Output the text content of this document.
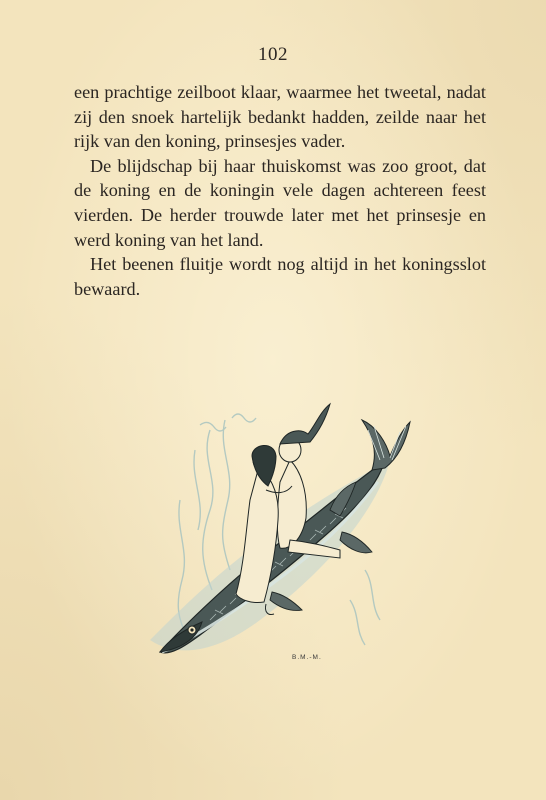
102

een prachtige zeilboot klaar, waarmee het tweetal, nadat zij den snoek hartelijk bedankt hadden, zeilde naar het rijk van den koning, prinsesjes vader.

De blijdschap bij haar thuiskomst was zoo groot, dat de koning en de koningin vele dagen achtereen feest vierden. De herder trouwde later met het prinsesje en werd koning van het land.

Het beenen fluitje wordt nog altijd in het koningsslot bewaard.

B.M.-M.
